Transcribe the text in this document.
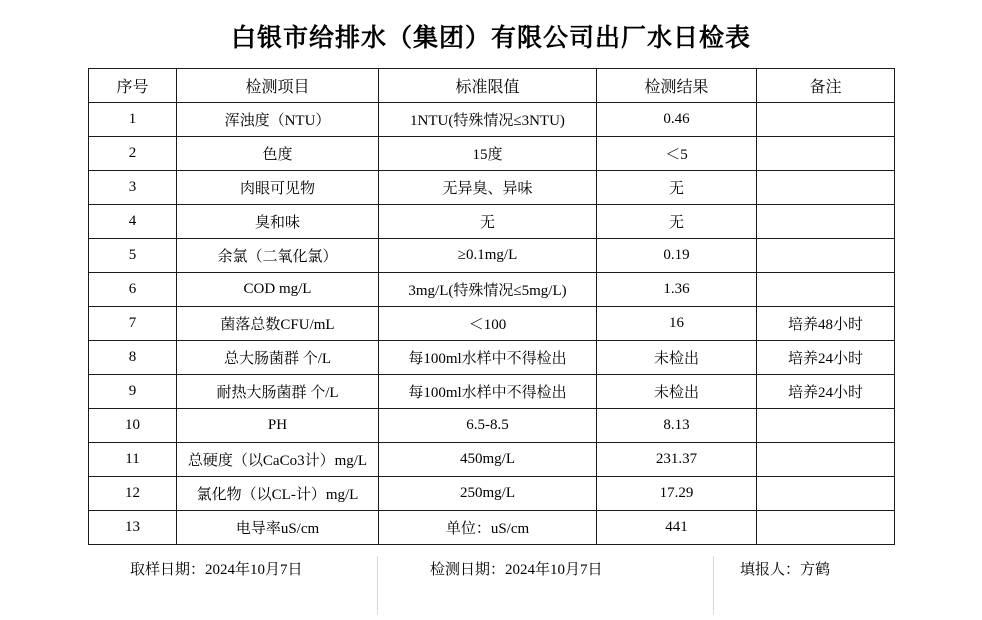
白银市给排水（集团）有限公司出厂水日检表
序号	检测项目	标准限值	检测结果	备注
1	浑浊度（NTU）	1NTU(特殊情况≤3NTU)	0.46	
2	色度	15度	＜5	
3	肉眼可见物	无异臭、异味	无	
4	臭和味	无	无	
5	余氯（二氧化氯）	≥0.1mg/L	0.19	
6	COD mg/L	3mg/L(特殊情况≤5mg/L)	1.36	
7	菌落总数CFU/mL	＜100	16	培养48小时
8	总大肠菌群 个/L	每100ml水样中不得检出	未检出	培养24小时
9	耐热大肠菌群 个/L	每100ml水样中不得检出	未检出	培养24小时
10	PH	6.5-8.5	8.13	
11	总硬度（以CaCo3计）mg/L	450mg/L	231.37	
12	氯化物（以CL-计）mg/L	250mg/L	17.29	
13	电导率uS/cm	单位：uS/cm	441	
取样日期：2024年10月7日	检测日期：2024年10月7日	填报人：方鹤
